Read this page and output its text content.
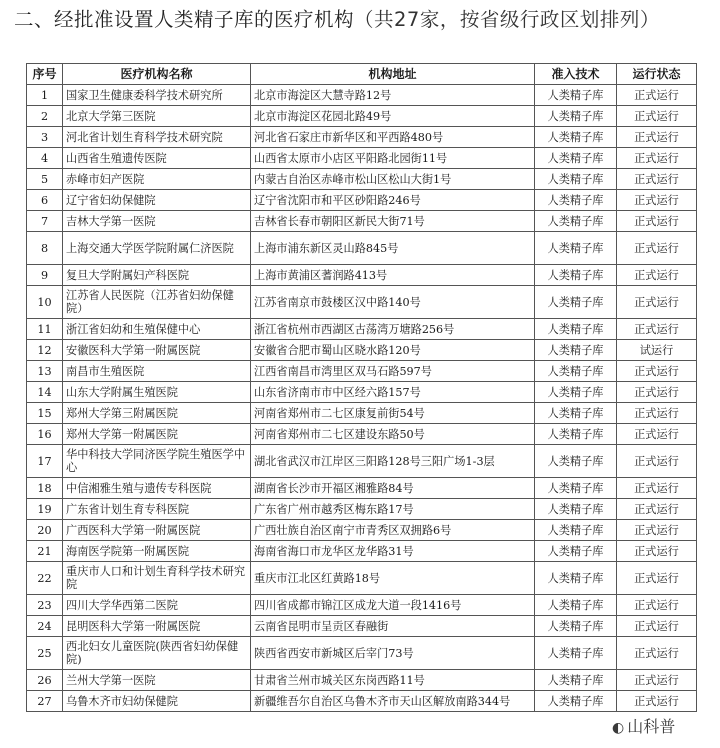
二、经批准设置人类精子库的医疗机构（共27家，按省级行政区划排列）
序号	医疗机构名称	机构地址	准入技术	运行状态
1	国家卫生健康委科学技术研究所	北京市海淀区大慧寺路12号	人类精子库	正式运行
2	北京大学第三医院	北京市海淀区花园北路49号	人类精子库	正式运行
3	河北省计划生育科学技术研究院	河北省石家庄市新华区和平西路480号	人类精子库	正式运行
4	山西省生殖遗传医院	山西省太原市小店区平阳路北园街11号	人类精子库	正式运行
5	赤峰市妇产医院	内蒙古自治区赤峰市松山区松山大街1号	人类精子库	正式运行
6	辽宁省妇幼保健院	辽宁省沈阳市和平区砂阳路246号	人类精子库	正式运行
7	吉林大学第一医院	吉林省长春市朝阳区新民大街71号	人类精子库	正式运行
8	上海交通大学医学院附属仁济医院	上海市浦东新区灵山路845号	人类精子库	正式运行
9	复旦大学附属妇产科医院	上海市黄浦区蓍润路413号	人类精子库	正式运行
10	江苏省人民医院（江苏省妇幼保健院）	江苏省南京市鼓楼区汉中路140号	人类精子库	正式运行
11	浙江省妇幼和生殖保健中心	浙江省杭州市西湖区古荡湾万塘路256号	人类精子库	正式运行
12	安徽医科大学第一附属医院	安徽省合肥市蜀山区晓水路120号	人类精子库	试运行
13	南昌市生殖医院	江西省南昌市湾里区双马石路597号	人类精子库	正式运行
14	山东大学附属生殖医院	山东省济南市市中区经六路157号	人类精子库	正式运行
15	郑州大学第三附属医院	河南省郑州市二七区康复前街54号	人类精子库	正式运行
16	郑州大学第一附属医院	河南省郑州市二七区建设东路50号	人类精子库	正式运行
17	华中科技大学同济医学院生殖医学中心	湖北省武汉市江岸区三阳路128号三阳广场1-3层	人类精子库	正式运行
18	中信湘雅生殖与遗传专科医院	湖南省长沙市开福区湘雅路84号	人类精子库	正式运行
19	广东省计划生育专科医院	广东省广州市越秀区梅东路17号	人类精子库	正式运行
20	广西医科大学第一附属医院	广西壮族自治区南宁市青秀区双拥路6号	人类精子库	正式运行
21	海南医学院第一附属医院	海南省海口市龙华区龙华路31号	人类精子库	正式运行
22	重庆市人口和计划生育科学技术研究院	重庆市江北区红黄路18号	人类精子库	正式运行
23	四川大学华西第二医院	四川省成都市锦江区成龙大道一段1416号	人类精子库	正式运行
24	昆明医科大学第一附属医院	云南省昆明市呈贡区春融街	人类精子库	正式运行
25	西北妇女儿童医院(陕西省妇幼保健院)	陕西省西安市新城区后宰门73号	人类精子库	正式运行
26	兰州大学第一医院	甘肃省兰州市城关区东岗西路11号	人类精子库	正式运行
27	乌鲁木齐市妇幼保健院	新疆维吾尔自治区乌鲁木齐市天山区解放南路344号	人类精子库	正式运行
◐ 山科普
